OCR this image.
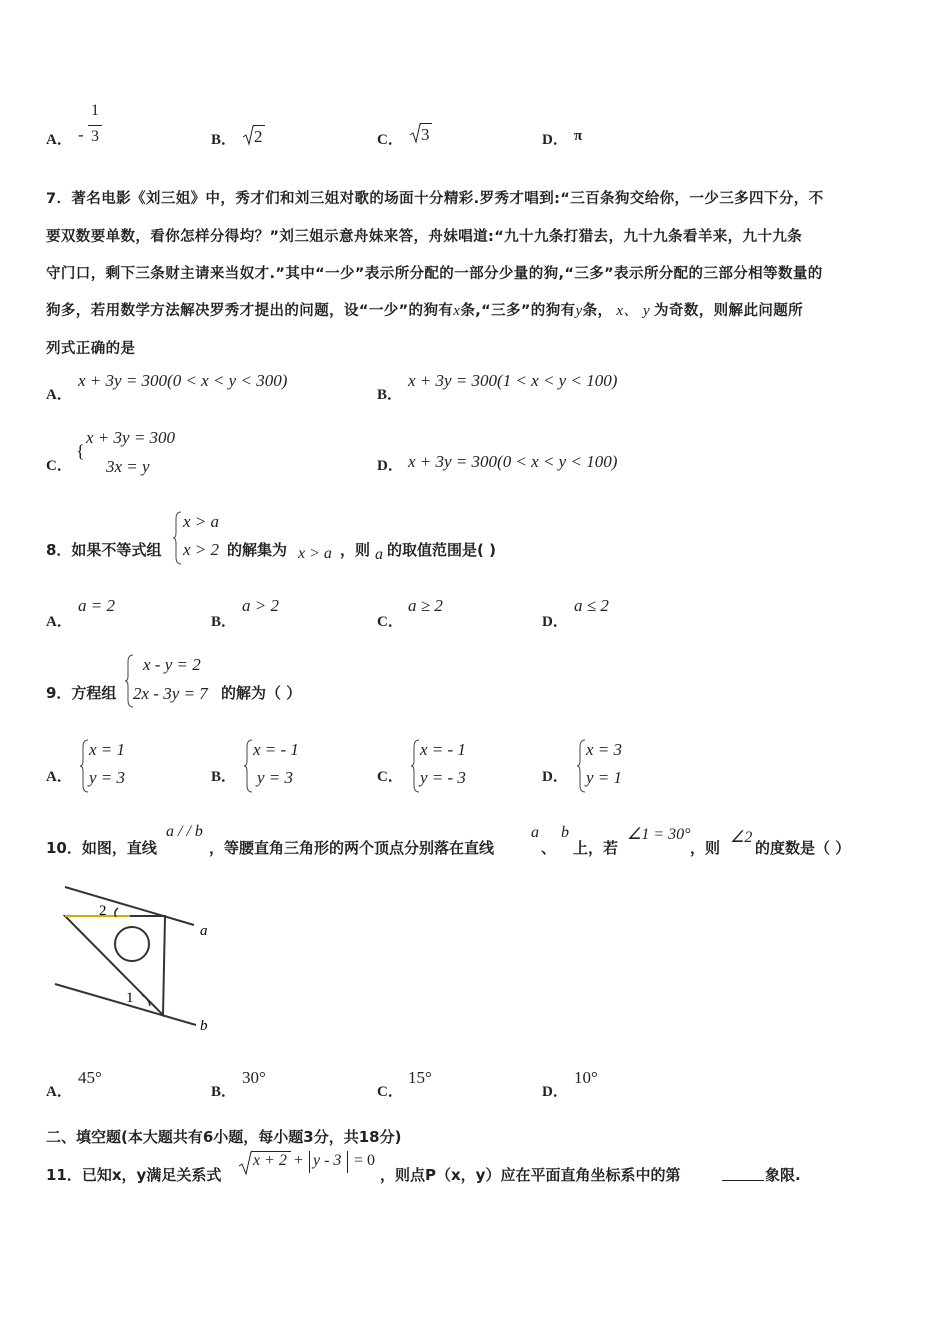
A． -
1
3	B． 2	C． 3	D． π
7．著名电影《刘三姐》中，秀才们和刘三姐对歌的场面十分精彩.罗秀才唱到:“三百条狗交给你，一少三多四下分，不
要双数要单数，看你怎样分得均？”刘三姐示意舟妹来答，舟妹唱道:“九十九条打猎去，九十九条看羊来，九十九条
守门口，剩下三条财主请来当奴才.”其中“一少”表示所分配的一部分少量的狗,“三多”表示所分配的三部分相等数量的
狗多，若用数学方法解决罗秀才提出的问题，设“一少”的狗有x条,“三多”的狗有y条， x、 y 为奇数，则解此问题所
列式正确的是
A．
x + 3y = 300(0 < x < y < 300)
B．
x + 3y = 300(1 < x < y < 100)
C．
{
x + 3y = 300
3x = y	D． x + 3y = 300(0 < x < y < 100)
8．如果不等式组
x > a
x > 2 的解集为 x > a ，则 a 的取值范围是( )
A．
a = 2
B．
a > 2
C．
a ≥ 2
D．
a ≤ 2
9．方程组
x - y = 2
2x - 3y = 7 的解为（ ）
A．
x = 1
y = 3	B．
x = - 1
y = 3	C．
x = - 1
y = - 3	D．
x = 3
y = 1
10．如图，直线
a / / b
，等腰直角三角形的两个顶点分别落在直线
a
、
b
上，若
∠1 = 30°
，则
∠2
的度数是（ ）
2
1
a
b
A．
45°
B．
30°
C．
15°
D．
10°
二、填空题(本大题共有6小题，每小题3分，共18分)
11．已知x，y满足关系式
x + 2 + y - 3 = 0
，则点P（x，y）应在平面直角坐标系中的第	象限.
